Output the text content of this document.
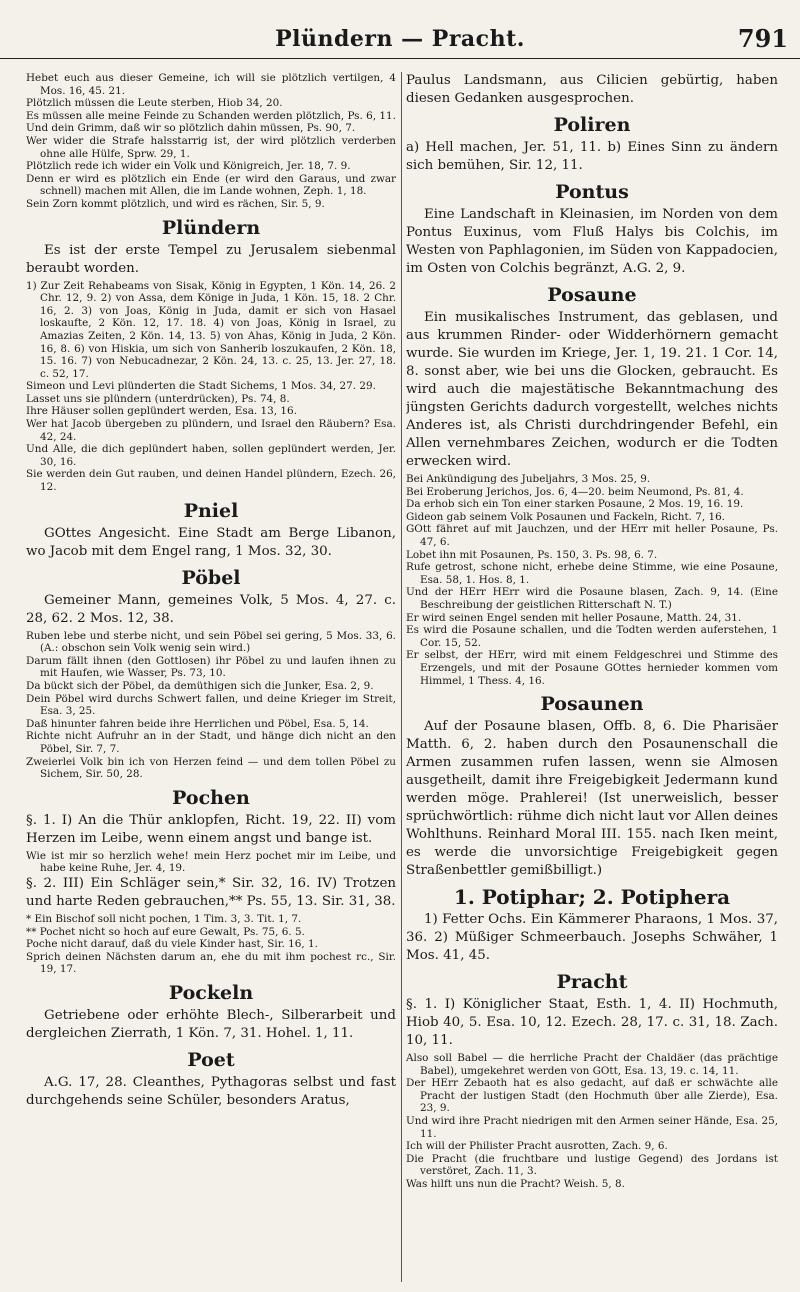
Plündern — Pracht.	791

Hebet euch aus dieser Gemeine, ich will sie plötzlich vertilgen, 4 Mos. 16, 45. 21.

Plötzlich müssen die Leute sterben, Hiob 34, 20.

Es müssen alle meine Feinde zu Schanden werden plötzlich, Ps. 6, 11.

Und dein Grimm, daß wir so plötzlich dahin müssen, Ps. 90, 7.

Wer wider die Strafe halsstarrig ist, der wird plötzlich verderben ohne alle Hülfe, Sprw. 29, 1.

Plötzlich rede ich wider ein Volk und Königreich, Jer. 18, 7. 9.

Denn er wird es plötzlich ein Ende (er wird den Garaus, und zwar schnell) machen mit Allen, die im Lande wohnen, Zeph. 1, 18.

Sein Zorn kommt plötzlich, und wird es rächen, Sir. 5, 9.

Plündern

Es ist der erste Tempel zu Jerusalem siebenmal beraubt worden.

1) Zur Zeit Rehabeams von Sisak, König in Egypten, 1 Kön. 14, 26. 2 Chr. 12, 9. 2) von Assa, dem Könige in Juda, 1 Kön. 15, 18. 2 Chr. 16, 2. 3) von Joas, König in Juda, damit er sich von Hasael loskaufte, 2 Kön. 12, 17. 18. 4) von Joas, König in Israel, zu Amazias Zeiten, 2 Kön. 14, 13. 5) von Ahas, König in Juda, 2 Kön. 16, 8. 6) von Hiskia, um sich von Sanherib loszukaufen, 2 Kön. 18, 15. 16. 7) von Nebucadnezar, 2 Kön. 24, 13. c. 25, 13. Jer. 27, 18. c. 52, 17.

Simeon und Levi plünderten die Stadt Sichems, 1 Mos. 34, 27. 29.

Lasset uns sie plündern (unterdrücken), Ps. 74, 8.

Ihre Häuser sollen geplündert werden, Esa. 13, 16.

Wer hat Jacob übergeben zu plündern, und Israel den Räubern? Esa. 42, 24.

Und Alle, die dich geplündert haben, sollen geplündert werden, Jer. 30, 16.

Sie werden dein Gut rauben, und deinen Handel plündern, Ezech. 26, 12.

Pniel

GOttes Angesicht. Eine Stadt am Berge Libanon, wo Jacob mit dem Engel rang, 1 Mos. 32, 30.

Pöbel

Gemeiner Mann, gemeines Volk, 5 Mos. 4, 27. c. 28, 62. 2 Mos. 12, 38.

Ruben lebe und sterbe nicht, und sein Pöbel sei gering, 5 Mos. 33, 6. (A.: obschon sein Volk wenig sein wird.)

Darum fällt ihnen (den Gottlosen) ihr Pöbel zu und laufen ihnen zu mit Haufen, wie Wasser, Ps. 73, 10.

Da bückt sich der Pöbel, da demüthigen sich die Junker, Esa. 2, 9.

Dein Pöbel wird durchs Schwert fallen, und deine Krieger im Streit, Esa. 3, 25.

Daß hinunter fahren beide ihre Herrlichen und Pöbel, Esa. 5, 14.

Richte nicht Aufruhr an in der Stadt, und hänge dich nicht an den Pöbel, Sir. 7, 7.

Zweierlei Volk bin ich von Herzen feind — und dem tollen Pöbel zu Sichem, Sir. 50, 28.

Pochen

§. 1. I) An die Thür anklopfen, Richt. 19, 22. II) vom Herzen im Leibe, wenn einem angst und bange ist.

Wie ist mir so herzlich wehe! mein Herz pochet mir im Leibe, und habe keine Ruhe, Jer. 4, 19.

§. 2. III) Ein Schläger sein,* Sir. 32, 16. IV) Trotzen und harte Reden gebrauchen,** Ps. 55, 13. Sir. 31, 38.

* Ein Bischof soll nicht pochen, 1 Tim. 3, 3. Tit. 1, 7.

** Pochet nicht so hoch auf eure Gewalt, Ps. 75, 6. 5.

Poche nicht darauf, daß du viele Kinder hast, Sir. 16, 1.

Sprich deinen Nächsten darum an, ehe du mit ihm pochest rc., Sir. 19, 17.

Pockeln

Getriebene oder erhöhte Blech-, Silberarbeit und dergleichen Zierrath, 1 Kön. 7, 31. Hohel. 1, 11.

Poet

A.G. 17, 28. Cleanthes, Pythagoras selbst und fast durchgehends seine Schüler, besonders Aratus,

Paulus Landsmann, aus Cilicien gebürtig, haben diesen Gedanken ausgesprochen.

Poliren

a) Hell machen, Jer. 51, 11. b) Eines Sinn zu ändern sich bemühen, Sir. 12, 11.

Pontus

Eine Landschaft in Kleinasien, im Norden von dem Pontus Euxinus, vom Fluß Halys bis Colchis, im Westen von Paphlagonien, im Süden von Kappadocien, im Osten von Colchis begränzt, A.G. 2, 9.

Posaune

Ein musikalisches Instrument, das geblasen, und aus krummen Rinder- oder Widderhörnern gemacht wurde. Sie wurden im Kriege, Jer. 1, 19. 21. 1 Cor. 14, 8. sonst aber, wie bei uns die Glocken, gebraucht. Es wird auch die majestätische Bekanntmachung des jüngsten Gerichts dadurch vorgestellt, welches nichts Anderes ist, als Christi durchdringender Befehl, ein Allen vernehmbares Zeichen, wodurch er die Todten erwecken wird.

Bei Ankündigung des Jubeljahrs, 3 Mos. 25, 9.

Bei Eroberung Jerichos, Jos. 6, 4—20. beim Neumond, Ps. 81, 4.

Da erhob sich ein Ton einer starken Posaune, 2 Mos. 19, 16. 19.

Gideon gab seinem Volk Posaunen und Fackeln, Richt. 7, 16.

GOtt fähret auf mit Jauchzen, und der HErr mit heller Posaune, Ps. 47, 6.

Lobet ihn mit Posaunen, Ps. 150, 3. Ps. 98, 6. 7.

Rufe getrost, schone nicht, erhebe deine Stimme, wie eine Posaune, Esa. 58, 1. Hos. 8, 1.

Und der HErr HErr wird die Posaune blasen, Zach. 9, 14. (Eine Beschreibung der geistlichen Ritterschaft N. T.)

Er wird seinen Engel senden mit heller Posaune, Matth. 24, 31.

Es wird die Posaune schallen, und die Todten werden auferstehen, 1 Cor. 15, 52.

Er selbst, der HErr, wird mit einem Feldgeschrei und Stimme des Erzengels, und mit der Posaune GOttes hernieder kommen vom Himmel, 1 Thess. 4, 16.

Posaunen

Auf der Posaune blasen, Offb. 8, 6. Die Pharisäer Matth. 6, 2. haben durch den Posaunenschall die Armen zusammen rufen lassen, wenn sie Almosen ausgetheilt, damit ihre Freigebigkeit Jedermann kund werden möge. Prahlerei! (Ist unerweislich, besser sprüchwörtlich: rühme dich nicht laut vor Allen deines Wohlthuns. Reinhard Moral III. 155. nach Iken meint, es werde die unvorsichtige Freigebigkeit gegen Straßenbettler gemißbilligt.)

1. Potiphar; 2. Potiphera

1) Fetter Ochs. Ein Kämmerer Pharaons, 1 Mos. 37, 36. 2) Müßiger Schmeerbauch. Josephs Schwäher, 1 Mos. 41, 45.

Pracht

§. 1. I) Königlicher Staat, Esth. 1, 4. II) Hochmuth, Hiob 40, 5. Esa. 10, 12. Ezech. 28, 17. c. 31, 18. Zach. 10, 11.

Also soll Babel — die herrliche Pracht der Chaldäer (das prächtige Babel), umgekehret werden von GOtt, Esa. 13, 19. c. 14, 11.

Der HErr Zebaoth hat es also gedacht, auf daß er schwächte alle Pracht der lustigen Stadt (den Hochmuth über alle Zierde), Esa. 23, 9.

Und wird ihre Pracht niedrigen mit den Armen seiner Hände, Esa. 25, 11.

Ich will der Philister Pracht ausrotten, Zach. 9, 6.

Die Pracht (die fruchtbare und lustige Gegend) des Jordans ist verstöret, Zach. 11, 3.

Was hilft uns nun die Pracht? Weish. 5, 8.
